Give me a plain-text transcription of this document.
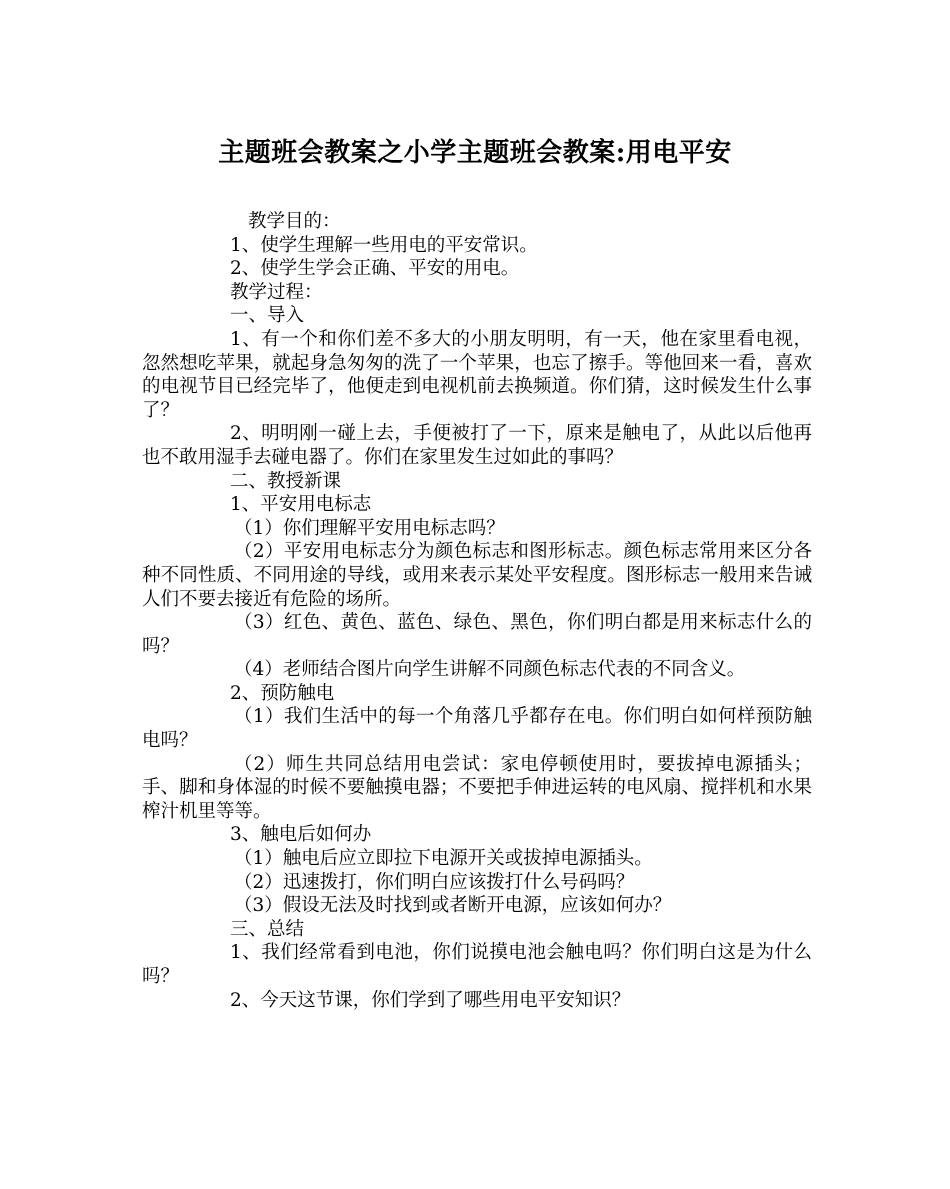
主题班会教案之小学主题班会教案:用电平安

教学目的：

1、使学生理解一些用电的平安常识。

2、使学生学会正确、平安的用电。

教学过程：

一、导入

1、有一个和你们差不多大的小朋友明明，有一天，他在家里看电视，忽然想吃苹果，就起身急匆匆的洗了一个苹果，也忘了擦手。等他回来一看，喜欢的电视节目已经完毕了，他便走到电视机前去换频道。你们猜，这时候发生什么事了？

2、明明刚一碰上去，手便被打了一下，原来是触电了，从此以后他再也不敢用湿手去碰电器了。你们在家里发生过如此的事吗？

二、教授新课

1、平安用电标志

（1）你们理解平安用电标志吗？

（2）平安用电标志分为颜色标志和图形标志。颜色标志常用来区分各种不同性质、不同用途的导线，或用来表示某处平安程度。图形标志一般用来告诫人们不要去接近有危险的场所。

（3）红色、黄色、蓝色、绿色、黑色，你们明白都是用来标志什么的吗？

（4）老师结合图片向学生讲解不同颜色标志代表的不同含义。

2、预防触电

（1）我们生活中的每一个角落几乎都存在电。你们明白如何样预防触电吗？

（2）师生共同总结用电尝试：家电停顿使用时，要拔掉电源插头；手、脚和身体湿的时候不要触摸电器；不要把手伸进运转的电风扇、搅拌机和水果榨汁机里等等。

3、触电后如何办

（1）触电后应立即拉下电源开关或拔掉电源插头。

（2）迅速拨打，你们明白应该拨打什么号码吗？

（3）假设无法及时找到或者断开电源，应该如何办？

三、总结

1、我们经常看到电池，你们说摸电池会触电吗？你们明白这是为什么吗？

2、今天这节课，你们学到了哪些用电平安知识？
